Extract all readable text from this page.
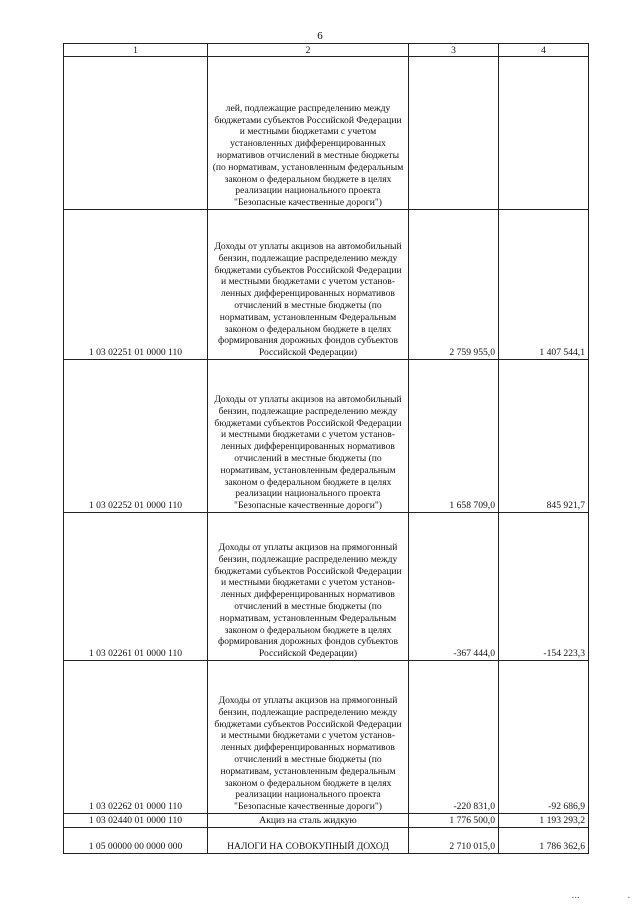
6
1	2	3	4
	лей, подлежащие распределению между бюджетами субъектов Российской Федерации и местными бюджетами с учетом установленных дифференцированных нормативов отчислений в местные бюджеты (по нормативам, установленным федеральным законом о федеральном бюджете в целях реализации национального проекта "Безопасные качественные дороги")		
1 03 02251 01 0000 110	Доходы от уплаты акцизов на автомобильный бензин, подлежащие распределению между бюджетами субъектов Российской Федерации и местными бюджетами с учетом установленных дифференцированных нормативов отчислений в местные бюджеты (по нормативам, установленным Федеральным законом о федеральном бюджете в целях формирования дорожных фондов субъектов Российской Федерации)	2 759 955,0	1 407 544,1
1 03 02252 01 0000 110	Доходы от уплаты акцизов на автомобильный бензин, подлежащие распределению между бюджетами субъектов Российской Федерации и местными бюджетами с учетом установленных дифференцированных нормативов отчислений в местные бюджеты (по нормативам, установленным федеральным законом о федеральном бюджете в целях реализации национального проекта "Безопасные качественные дороги")	1 658 709,0	845 921,7
1 03 02261 01 0000 110	Доходы от уплаты акцизов на прямогонный бензин, подлежащие распределению между бюджетами субъектов Российской Федерации и местными бюджетами с учетом установленных дифференцированных нормативов отчислений в местные бюджеты (по нормативам, установленным Федеральным законом о федеральном бюджете в целях формирования дорожных фондов субъектов Российской Федерации)	-367 444,0	-154 223,3
1 03 02262 01 0000 110	Доходы от уплаты акцизов на прямогонный бензин, подлежащие распределению между бюджетами субъектов Российской Федерации и местными бюджетами с учетом установленных дифференцированных нормативов отчислений в местные бюджеты (по нормативам, установленным федеральным законом о федеральном бюджете в целях реализации национального проекта "Безопасные качественные дороги")	-220 831,0	-92 686,9
1 03 02440 01 0000 110	Акциз на сталь жидкую	1 776 500,0	1 193 293,2
1 05 00000 00 0000 000	НАЛОГИ НА СОВОКУПНЫЙ ДОХОД	2 710 015,0	1 786 362,6
▪▪▪	▪
